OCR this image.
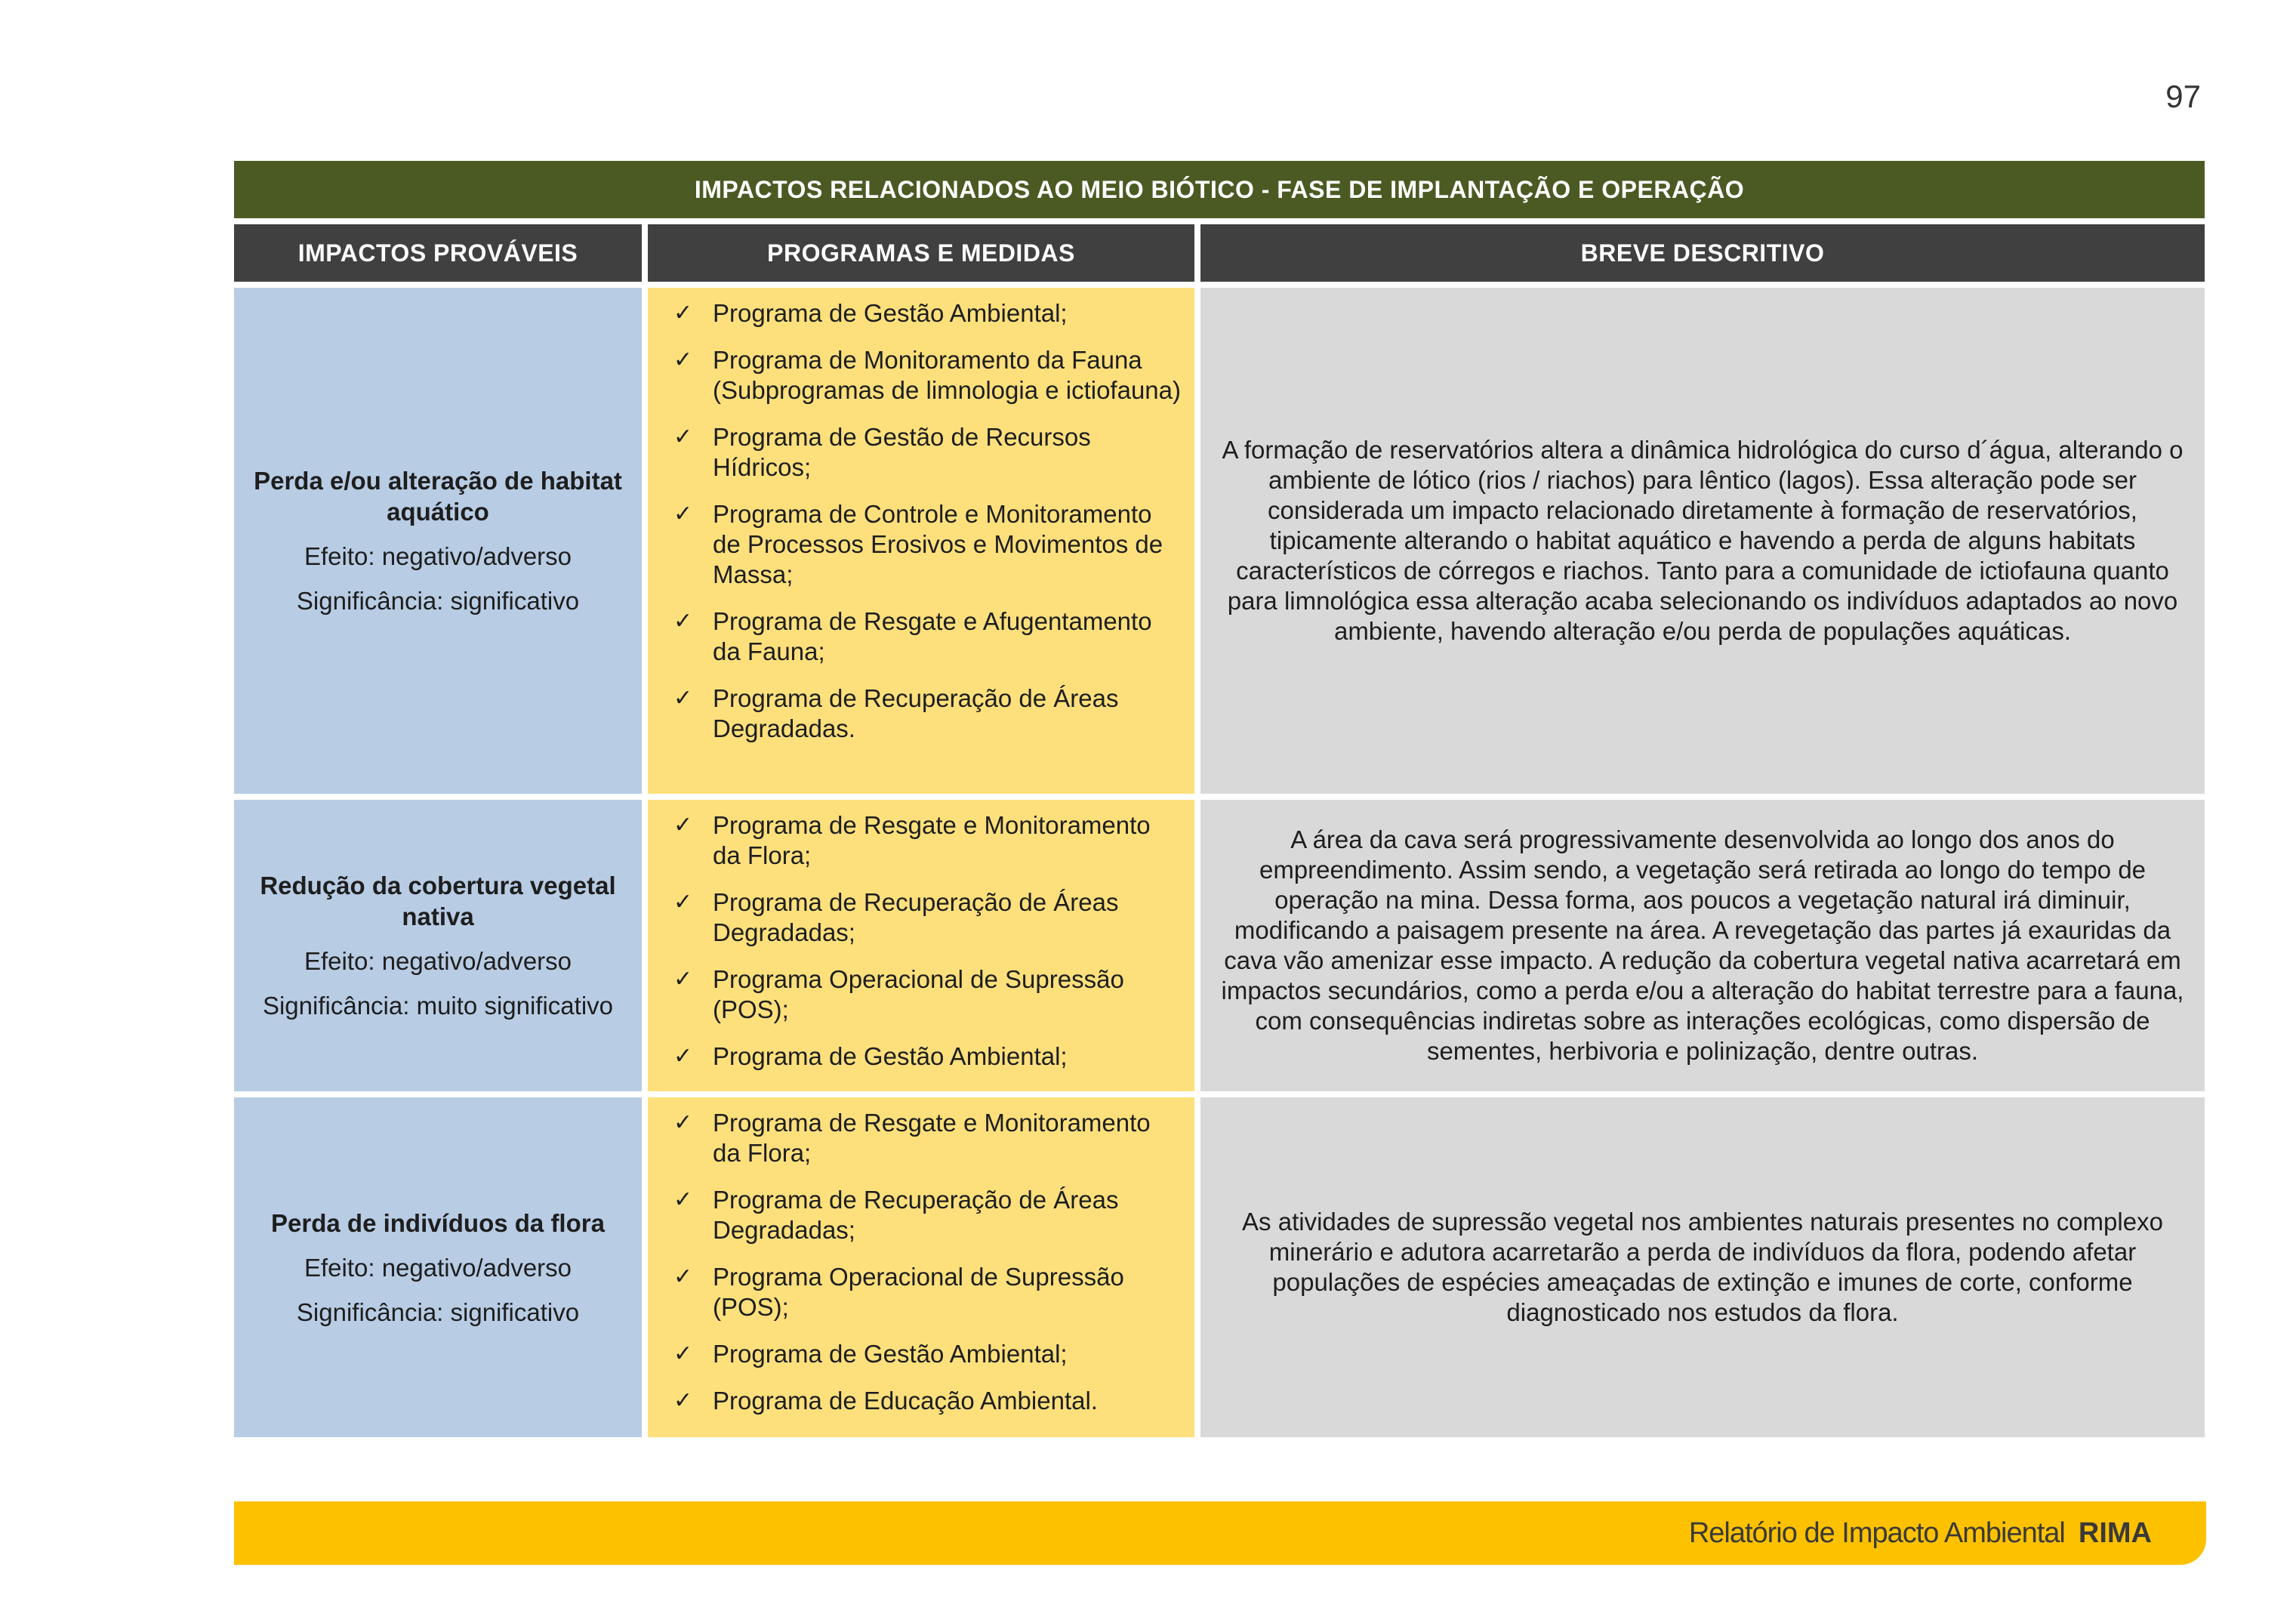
97
IMPACTOS RELACIONADOS AO MEIO BIÓTICO - FASE DE IMPLANTAÇÃO E OPERAÇÃO
IMPACTOS PROVÁVEIS	PROGRAMAS E MEDIDAS	BREVE DESCRITIVO
Perda e/ou alteração de habitat aquático
Efeito: negativo/adverso
Significância: significativo
✓ Programa de Gestão Ambiental;
✓ Programa de Monitoramento da Fauna (Subprogramas de limnologia e ictiofauna)
✓ Programa de Gestão de Recursos Hídricos;
✓ Programa de Controle e Monitoramento de Processos Erosivos e Movimentos de Massa;
✓ Programa de Resgate e Afugentamento da Fauna;
✓ Programa de Recuperação de Áreas Degradadas.
A formação de reservatórios altera a dinâmica hidrológica do curso d´água, alterando o ambiente de lótico (rios / riachos) para lêntico (lagos). Essa alteração pode ser considerada um impacto relacionado diretamente à formação de reservatórios, tipicamente alterando o habitat aquático e havendo a perda de alguns habitats característicos de córregos e riachos. Tanto para a comunidade de ictiofauna quanto para limnológica essa alteração acaba selecionando os indivíduos adaptados ao novo ambiente, havendo alteração e/ou perda de populações aquáticas.
Redução da cobertura vegetal nativa
Efeito: negativo/adverso
Significância: muito significativo
✓ Programa de Resgate e Monitoramento da Flora;
✓ Programa de Recuperação de Áreas Degradadas;
✓ Programa Operacional de Supressão (POS);
✓ Programa de Gestão Ambiental;
A área da cava será progressivamente desenvolvida ao longo dos anos do empreendimento. Assim sendo, a vegetação será retirada ao longo do tempo de operação na mina. Dessa forma, aos poucos a vegetação natural irá diminuir, modificando a paisagem presente na área. A revegetação das partes já exauridas da cava vão amenizar esse impacto. A redução da cobertura vegetal nativa acarretará em impactos secundários, como a perda e/ou a alteração do habitat terrestre para a fauna, com consequências indiretas sobre as interações ecológicas, como dispersão de sementes, herbivoria e polinização, dentre outras.
Perda de indivíduos da flora
Efeito: negativo/adverso
Significância: significativo
✓ Programa de Resgate e Monitoramento da Flora;
✓ Programa de Recuperação de Áreas Degradadas;
✓ Programa Operacional de Supressão (POS);
✓ Programa de Gestão Ambiental;
✓ Programa de Educação Ambiental.
As atividades de supressão vegetal nos ambientes naturais presentes no complexo minerário e adutora acarretarão a perda de indivíduos da flora, podendo afetar populações de espécies ameaçadas de extinção e imunes de corte, conforme diagnosticado nos estudos da flora.
Relatório de Impacto Ambiental RIMA
